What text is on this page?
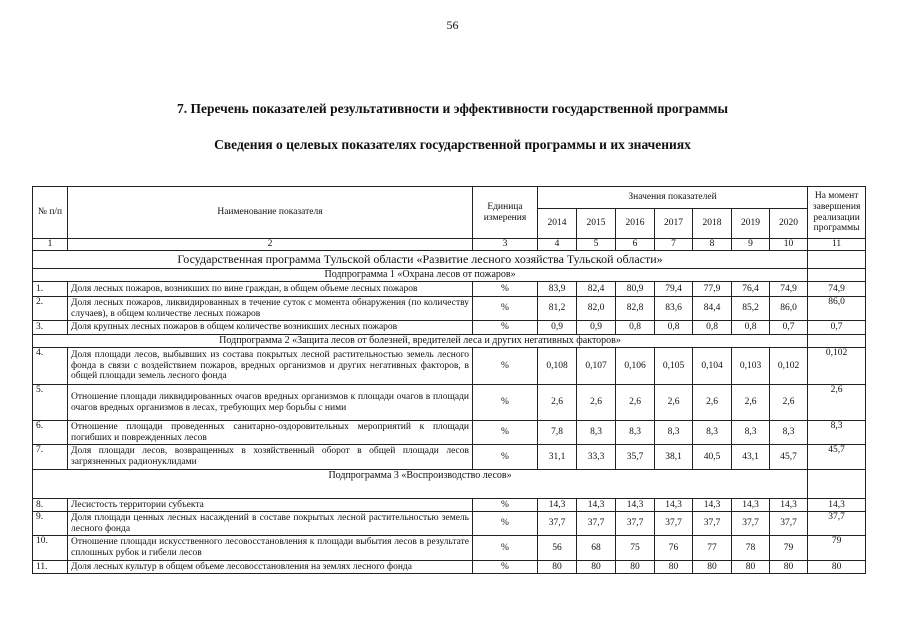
56
7. Перечень показателей результативности и эффективности государственной программы
Сведения о целевых показателях государственной программы и их значениях
№ п/п	Наименование показателя	Единица измерения	Значения показателей							На момент завершения реализации программы
			2014	2015	2016	2017	2018	2019	2020	
1	2	3	4	5	6	7	8	9	10	11
Государственная программа Тульской области «Развитие лесного хозяйства Тульской области»										
Подпрограмма 1 «Охрана лесов от пожаров»										
1.	Доля лесных пожаров, возникших по вине граждан, в общем объеме лесных пожаров	%	83,9	82,4	80,9	79,4	77,9	76,4	74,9	74,9
2.	Доля лесных пожаров, ликвидированных в течение суток с момента обнаружения (по количеству случаев), в общем количестве лесных пожаров	%	81,2	82,0	82,8	83,6	84,4	85,2	86,0	86,0
3.	Доля крупных лесных пожаров в общем количестве возникших лесных пожаров	%	0,9	0,9	0,8	0,8	0,8	0,8	0,7	0,7
Подпрограмма 2 «Защита лесов от болезней, вредителей леса и других негативных факторов»										
4.	Доля площади лесов, выбывших из состава покрытых лесной растительностью земель лесного фонда в связи с воздействием пожаров, вредных организмов и других негативных факторов, в общей площади земель лесного фонда	%	0,108	0,107	0,106	0,105	0,104	0,103	0,102	0,102
5.	Отношение площади ликвидированных очагов вредных организмов к площади очагов в площади очагов вредных организмов в лесах, требующих мер борьбы с ними	%	2,6	2,6	2,6	2,6	2,6	2,6	2,6	2,6
6.	Отношение площади проведенных санитарно-оздоровительных мероприятий к площади погибших и поврежденных лесов	%	7,8	8,3	8,3	8,3	8,3	8,3	8,3	8,3
7.	Доля площади лесов, возвращенных в хозяйственный оборот в общей площади лесов загрязненных радионуклидами	%	31,1	33,3	35,7	38,1	40,5	43,1	45,7	45,7
Подпрограмма 3 «Воспроизводство лесов»										
8.	Лесистость территории субъекта	%	14,3	14,3	14,3	14,3	14,3	14,3	14,3	14,3
9.	Доля площади ценных лесных насаждений в составе покрытых лесной растительностью земель лесного фонда	%	37,7	37,7	37,7	37,7	37,7	37,7	37,7	37,7
10.	Отношение площади искусственного лесовосстановления к площади выбытия лесов в результате сплошных рубок и гибели лесов	%	56	68	75	76	77	78	79	79
11.	Доля лесных культур в общем объеме лесовосстановления на землях лесного фонда	%	80	80	80	80	80	80	80	80
